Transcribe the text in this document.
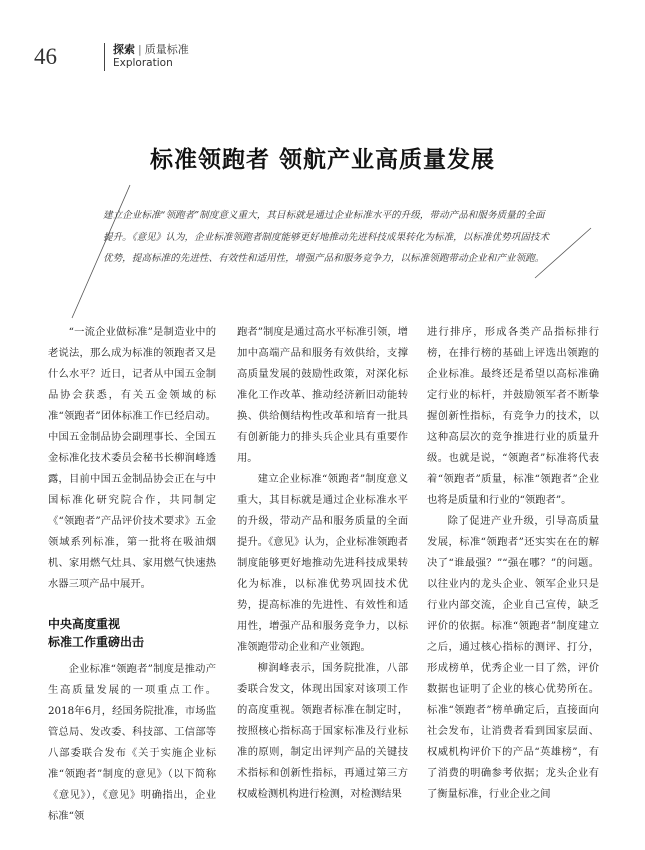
46	探索 | 质量标准
Exploration
标准领跑者 领航产业高质量发展
建立企业标准“领跑者”制度意义重大，其目标就是通过企业标准水平的升级，带动产品和服务质量的全面提升。《意见》认为，企业标准领跑者制度能够更好地推动先进科技成果转化为标准，以标准优势巩固技术优势，提高标准的先进性、有效性和适用性，增强产品和服务竞争力，以标准领跑带动企业和产业领跑。

“一流企业做标准”是制造业中的老说法，那么成为标准的领跑者又是什么水平？近日，记者从中国五金制品协会获悉，有关五金领域的标准“领跑者”团体标准工作已经启动。中国五金制品协会副理事长、全国五金标准化技术委员会秘书长柳润峰透露，目前中国五金制品协会正在与中国标准化研究院合作，共同制定《“领跑者”产品评价技术要求》五金领域系列标准，第一批将在吸油烟机、家用燃气灶具、家用燃气快速热水器三项产品中展开。

中央高度重视
标准工作重磅出击

企业标准“领跑者”制度是推动产生高质量发展的一项重点工作。2018年6月，经国务院批准，市场监管总局、发改委、科技部、工信部等八部委联合发布《关于实施企业标准“领跑者”制度的意见》（以下简称《意见》），《意见》明确指出，企业标准“领

跑者”制度是通过高水平标准引领，增加中高端产品和服务有效供给，支撑高质量发展的鼓励性政策，对深化标准化工作改革、推动经济新旧动能转换、供给侧结构性改革和培育一批具有创新能力的排头兵企业具有重要作用。

建立企业标准“领跑者”制度意义重大，其目标就是通过企业标准水平的升级，带动产品和服务质量的全面提升。《意见》认为，企业标准领跑者制度能够更好地推动先进科技成果转化为标准，以标准优势巩固技术优势，提高标准的先进性、有效性和适用性，增强产品和服务竞争力，以标准领跑带动企业和产业领跑。

柳润峰表示，国务院批准，八部委联合发文，体现出国家对该项工作的高度重视。领跑者标准在制定时，按照核心指标高于国家标准及行业标准的原则，制定出评判产品的关键技术指标和创新性指标，再通过第三方权威检测机构进行检测，对检测结果

进行排序，形成各类产品指标排行榜，在排行榜的基础上评选出领跑的企业标准。最终还是希望以高标准确定行业的标杆，并鼓励领军者不断挚握创新性指标，有竞争力的技术，以这种高层次的竞争推进行业的质量升级。也就是说，“领跑者”标准将代表着“领跑者”质量，标准“领跑者”企业也将是质量和行业的“领跑者”。

除了促进产业升级，引导高质量发展，标准“领跑者”还实实在在的解决了“谁最强？”“强在哪？”的问题。以往业内的龙头企业、领军企业只是行业内部交流，企业自己宣传，缺乏评价的依据。标准“领跑者”制度建立之后，通过核心指标的测评、打分，形成榜单，优秀企业一目了然，评价数据也证明了企业的核心优势所在。标准“领跑者”榜单确定后，直接面向社会发布，让消费者看到国家层面、权威机构评价下的产品“英雄榜”，有了消费的明确参考依据；龙头企业有了衡量标准，行业企业之间
